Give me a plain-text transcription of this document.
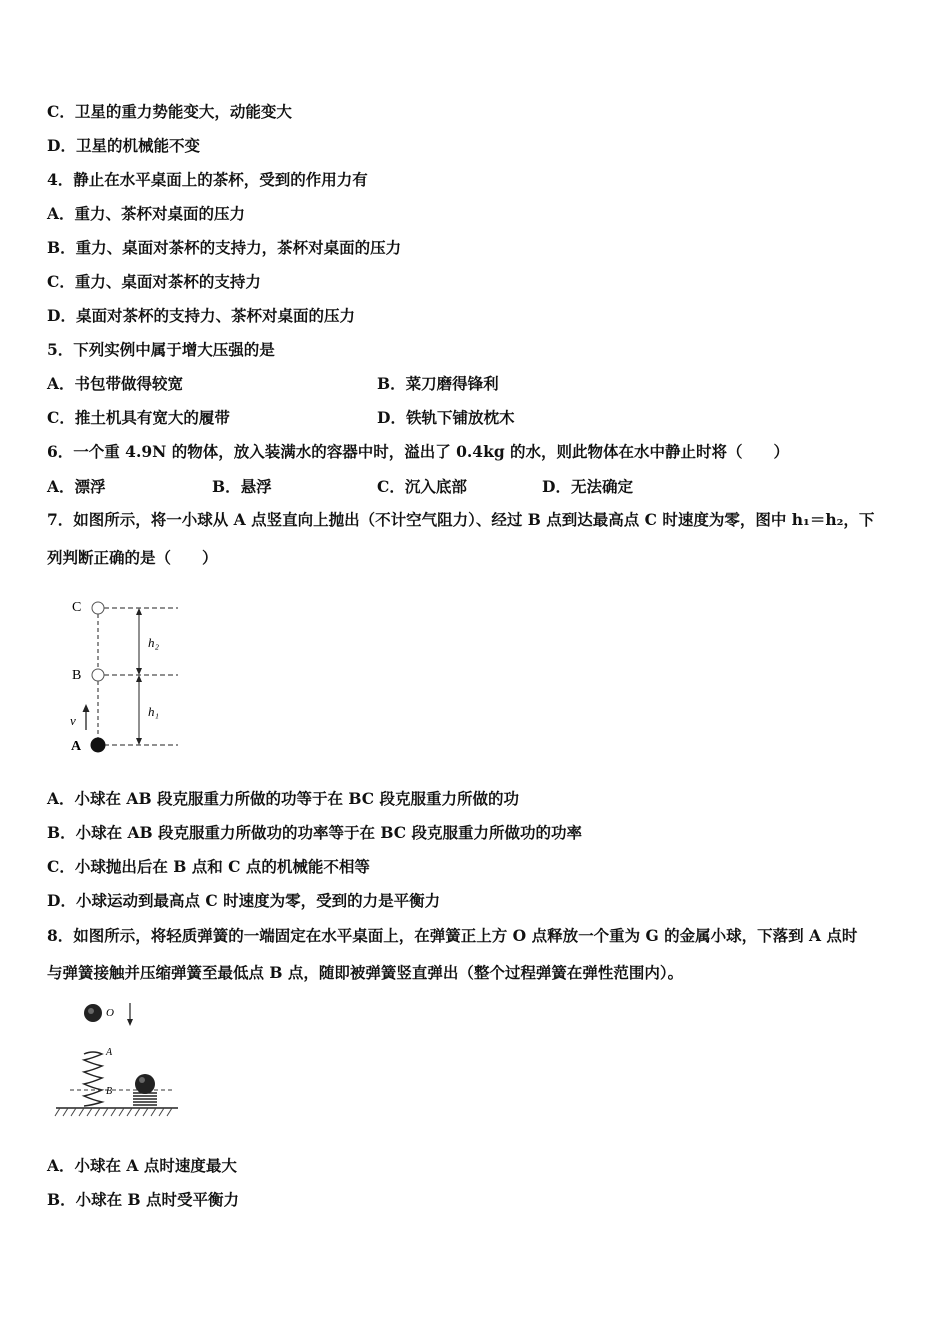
C．卫星的重力势能变大，动能变大
D．卫星的机械能不变
4．静止在水平桌面上的茶杯，受到的作用力有
A．重力、茶杯对桌面的压力
B．重力、桌面对茶杯的支持力，茶杯对桌面的压力
C．重力、桌面对茶杯的支持力
D．桌面对茶杯的支持力、茶杯对桌面的压力
5．下列实例中属于增大压强的是
A．书包带做得较宽	B．菜刀磨得锋利
C．推土机具有宽大的履带	D．铁轨下铺放枕木
6．一个重 4.9N 的物体，放入装满水的容器中时，溢出了 0.4kg 的水，则此物体在水中静止时将（　　）
A．漂浮	B．悬浮	C．沉入底部	D．无法确定
7．如图所示，将一小球从 A 点竖直向上抛出（不计空气阻力）、经过 B 点到达最高点 C 时速度为零，图中 h₁＝h₂，下
列判断正确的是（　　）
C
B
A
v
h₂
h₁
A．小球在 AB 段克服重力所做的功等于在 BC 段克服重力所做的功
B．小球在 AB 段克服重力所做功的功率等于在 BC 段克服重力所做功的功率
C．小球抛出后在 B 点和 C 点的机械能不相等
D．小球运动到最高点 C 时速度为零，受到的力是平衡力
8．如图所示，将轻质弹簧的一端固定在水平桌面上，在弹簧正上方 O 点释放一个重为 G 的金属小球，下落到 A 点时
与弹簧接触并压缩弹簧至最低点 B 点，随即被弹簧竖直弹出（整个过程弹簧在弹性范围内）。
O
A
B
A．小球在 A 点时速度最大
B．小球在 B 点时受平衡力
